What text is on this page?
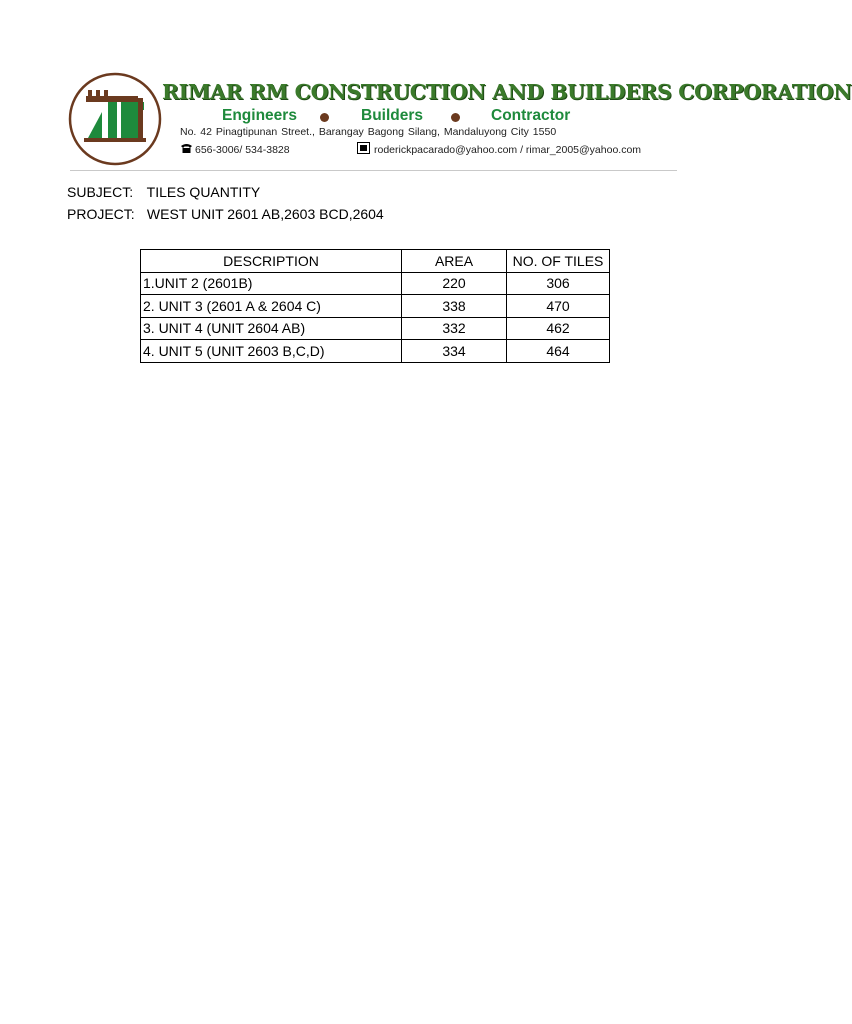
RIMAR RM CONSTRUCTION AND BUILDERS CORPORATION
Engineers	Builders	Contractor
No. 42 Pinagtipunan Street., Barangay Bagong Silang, Mandaluyong City 1550
656-3006/ 534-3828	roderickpacarado@yahoo.com / rimar_2005@yahoo.com
SUBJECT: TILES QUANTITY
PROJECT: WEST UNIT 2601 AB,2603 BCD,2604
DESCRIPTION	AREA	NO. OF TILES
1.UNIT 2 (2601B)	220	306
2. UNIT 3 (2601 A & 2604 C)	338	470
3. UNIT 4 (UNIT 2604 AB)	332	462
4. UNIT 5 (UNIT 2603 B,C,D)	334	464
